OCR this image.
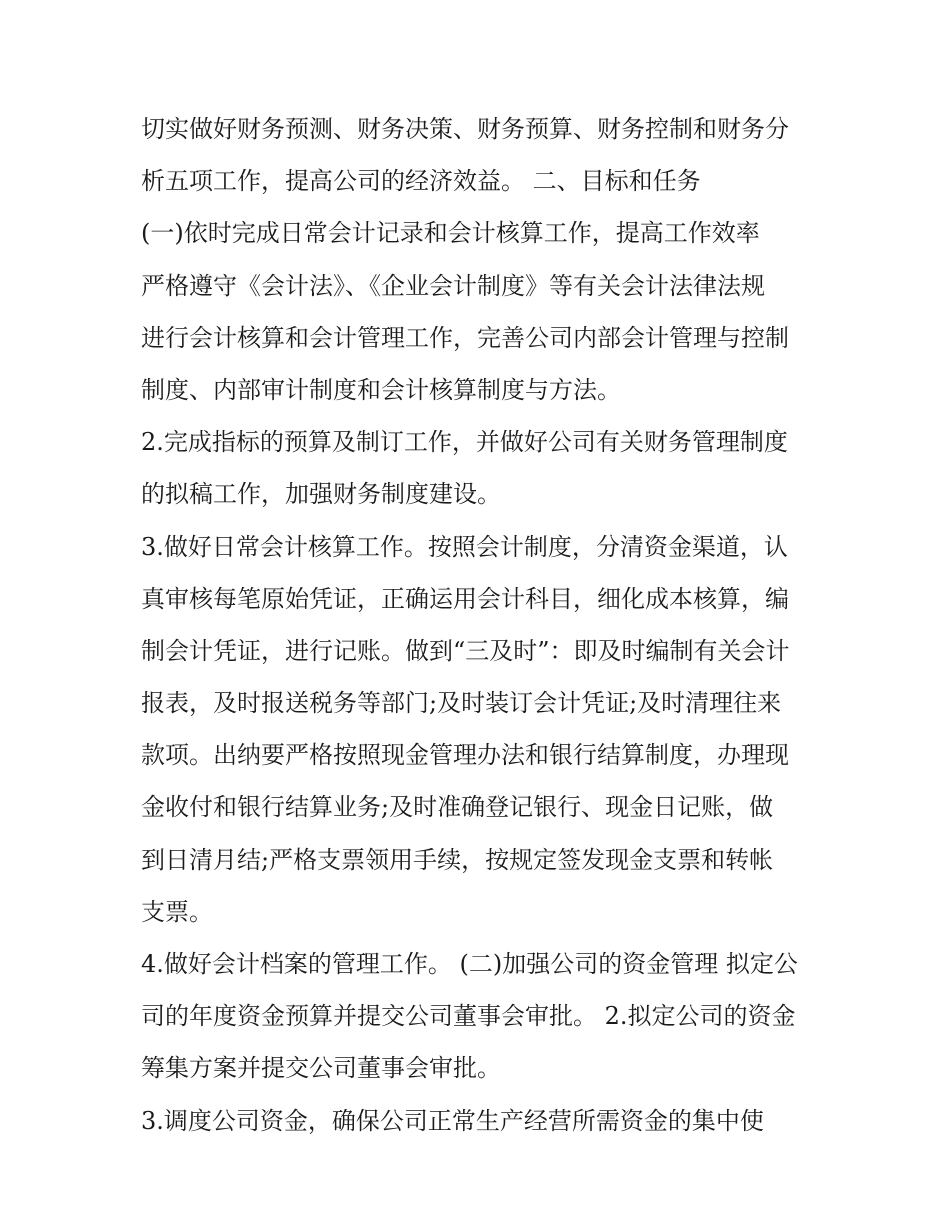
切实做好财务预测、财务决策、财务预算、财务控制和财务分
析五项工作，提高公司的经济效益。 二、目标和任务
(一)依时完成日常会计记录和会计核算工作，提高工作效率
严格遵守《会计法》、《企业会计制度》等有关会计法律法规
进行会计核算和会计管理工作，完善公司内部会计管理与控制
制度、内部审计制度和会计核算制度与方法。
2.完成指标的预算及制订工作，并做好公司有关财务管理制度
的拟稿工作，加强财务制度建设。
3.做好日常会计核算工作。按照会计制度，分清资金渠道，认
真审核每笔原始凭证，正确运用会计科目，细化成本核算，编
制会计凭证，进行记账。做到“三及时”：即及时编制有关会计
报表，及时报送税务等部门;及时装订会计凭证;及时清理往来
款项。出纳要严格按照现金管理办法和银行结算制度，办理现
金收付和银行结算业务;及时准确登记银行、现金日记账，做
到日清月结;严格支票领用手续，按规定签发现金支票和转帐
支票。
4.做好会计档案的管理工作。 (二)加强公司的资金管理 拟定公
司的年度资金预算并提交公司董事会审批。 2.拟定公司的资金
筹集方案并提交公司董事会审批。
3.调度公司资金，确保公司正常生产经营所需资金的集中使
